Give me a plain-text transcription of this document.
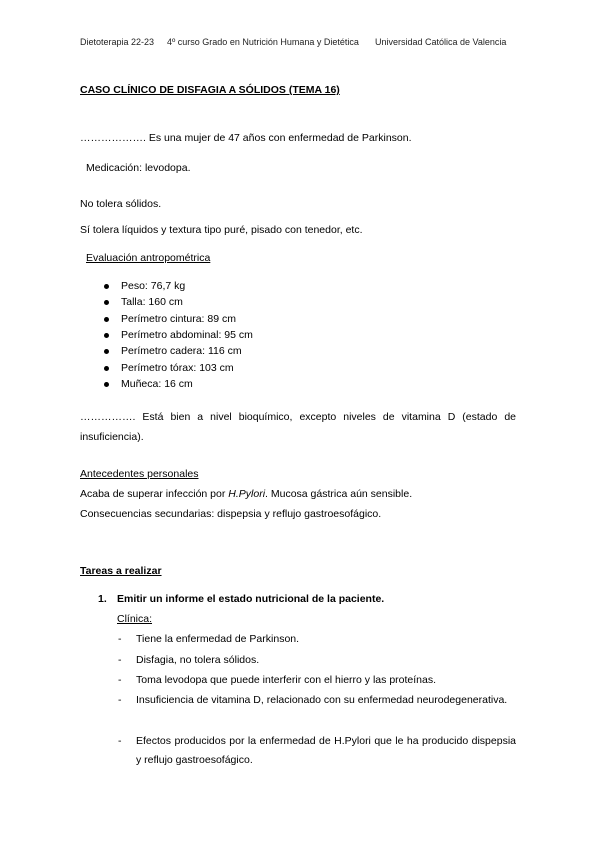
Dietoterapia 22-23 4º curso Grado en Nutrición Humana y Dietética Universidad Católica de Valencia
CASO CLÍNICO DE DISFAGIA A SÓLIDOS (TEMA 16)
………………. Es una mujer de 47 años con enfermedad de Parkinson.
Medicación: levodopa.
No tolera sólidos.
Sí tolera líquidos y textura tipo puré, pisado con tenedor, etc.
Evaluación antropométrica
Peso: 76,7 kg
Talla: 160 cm
Perímetro cintura: 89 cm
Perímetro abdominal: 95 cm
Perímetro cadera: 116 cm
Perímetro tórax: 103 cm
Muñeca: 16 cm
……………. Está bien a nivel bioquímico, excepto niveles de vitamina D (estado de
insuficiencia).
Antecedentes personales
Acaba de superar infección por H.Pylori. Mucosa gástrica aún sensible.
Consecuencias secundarias: dispepsia y reflujo gastroesofágico.
Tareas a realizar
1. Emitir un informe el estado nutricional de la paciente.
Clínica:
- Tiene la enfermedad de Parkinson.
- Disfagia, no tolera sólidos.
- Toma levodopa que puede interferir con el hierro y las proteínas.
- Insuficiencia de vitamina D, relacionado con su enfermedad neurodegenerativa.
- Efectos producidos por la enfermedad de H.Pylori que le ha producido dispepsia y reflujo gastroesofágico.
